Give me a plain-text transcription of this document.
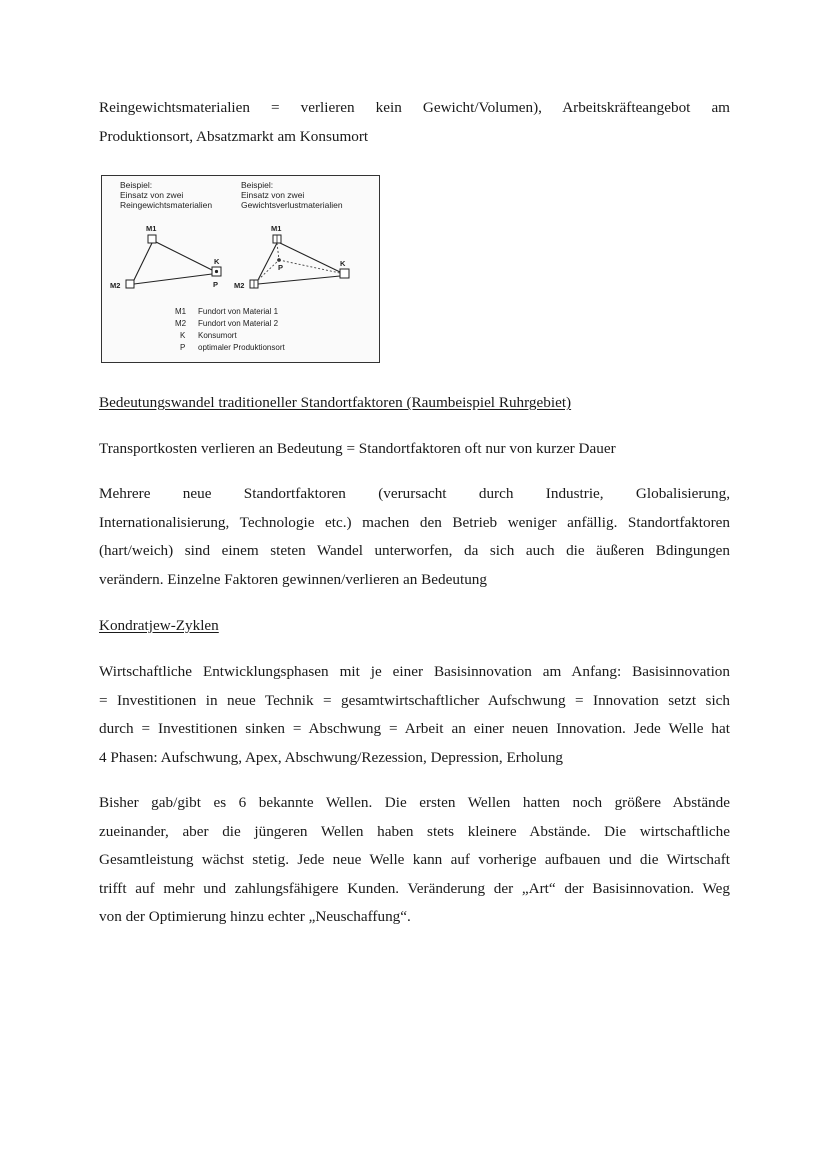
Reingewichtsmaterialien = verlieren kein Gewicht/Volumen), Arbeitskräfteangebot am
Produktionsort, Absatzmarkt am Konsumort
Beispiel:
Einsatz von zwei
Reingewichtsmaterialien
Beispiel:
Einsatz von zwei
Gewichtsverlustmaterialien
M1
M2
K
P
M1
M2
K
P
M1 Fundort von Material 1
M2 Fundort von Material 2
K Konsumort
P optimaler Produktionsort
Bedeutungswandel traditioneller Standortfaktoren (Raumbeispiel Ruhrgebiet)
Transportkosten verlieren an Bedeutung = Standortfaktoren oft nur von kurzer Dauer
Mehrere neue Standortfaktoren (verursacht durch Industrie, Globalisierung,
Internationalisierung, Technologie etc.) machen den Betrieb weniger anfällig. Standortfaktoren
(hart/weich) sind einem steten Wandel unterworfen, da sich auch die äußeren Bdingungen
verändern. Einzelne Faktoren gewinnen/verlieren an Bedeutung
Kondratjew-Zyklen
Wirtschaftliche Entwicklungsphasen mit je einer Basisinnovation am Anfang: Basisinnovation
= Investitionen in neue Technik = gesamtwirtschaftlicher Aufschwung = Innovation setzt sich
durch = Investitionen sinken = Abschwung = Arbeit an einer neuen Innovation. Jede Welle hat
4 Phasen: Aufschwung, Apex, Abschwung/Rezession, Depression, Erholung
Bisher gab/gibt es 6 bekannte Wellen. Die ersten Wellen hatten noch größere Abstände
zueinander, aber die jüngeren Wellen haben stets kleinere Abstände. Die wirtschaftliche
Gesamtleistung wächst stetig. Jede neue Welle kann auf vorherige aufbauen und die Wirtschaft
trifft auf mehr und zahlungsfähigere Kunden. Veränderung der „Art“ der Basisinnovation. Weg
von der Optimierung hinzu echter „Neuschaffung“.
